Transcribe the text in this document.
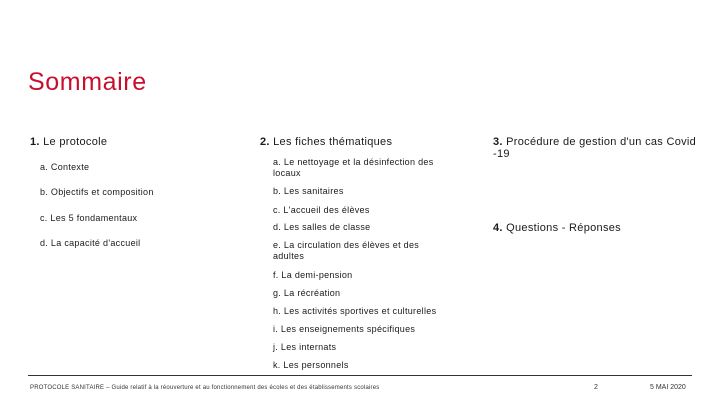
Sommaire
1. Le protocole
a. Contexte
b. Objectifs et composition
c. Les 5 fondamentaux
d. La capacité d'accueil
2. Les fiches thématiques
a. Le nettoyage et la désinfection des locaux
b. Les sanitaires
c. L'accueil des élèves
d. Les salles de classe
e. La circulation des élèves et des adultes
f. La demi-pension
g. La récréation
h. Les activités sportives et culturelles
i. Les enseignements spécifiques
j. Les internats
k. Les personnels
3. Procédure de gestion d'un cas Covid -19
4. Questions - Réponses
PROTOCOLE SANITAIRE – Guide relatif à la réouverture et au fonctionnement des écoles et des établissements scolaires	2	5 MAI 2020
